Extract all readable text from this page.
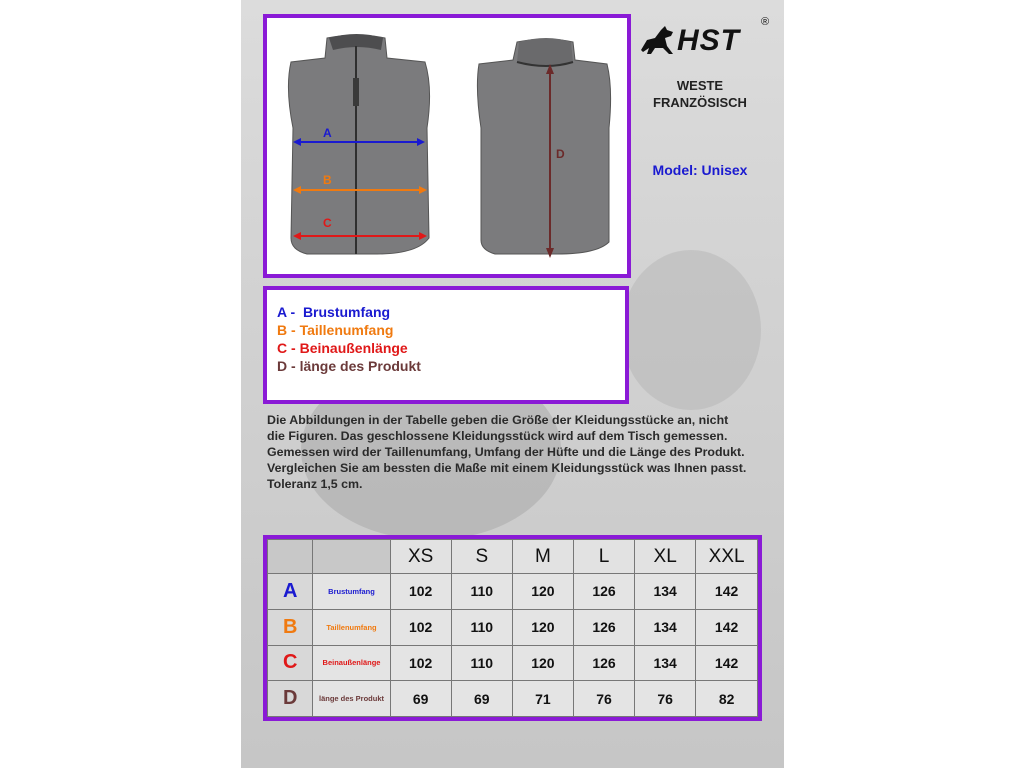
A
B
C
D
HST
®
WESTE
FRANZÖSISCH
Model: Unisex
A -  Brustumfang
B - Taillenumfang
C - Beinaußenlänge
D - länge des Produkt
Die Abbildungen in der Tabelle geben die Größe der Kleidungsstücke an, nicht
die Figuren. Das geschlossene Kleidungsstück wird auf dem Tisch gemessen.
Gemessen wird der Taillenumfang, Umfang der Hüfte und die Länge des Produkt.
Vergleichen Sie am bessten die Maße mit einem Kleidungsstück was Ihnen passt.
Toleranz 1,5 cm.
		XS	S	M	L	XL	XXL
A	Brustumfang	102	110	120	126	134	142
B	Taillenumfang	102	110	120	126	134	142
C	Beinaußenlänge	102	110	120	126	134	142
D	länge des Produkt	69	69	71	76	76	82
